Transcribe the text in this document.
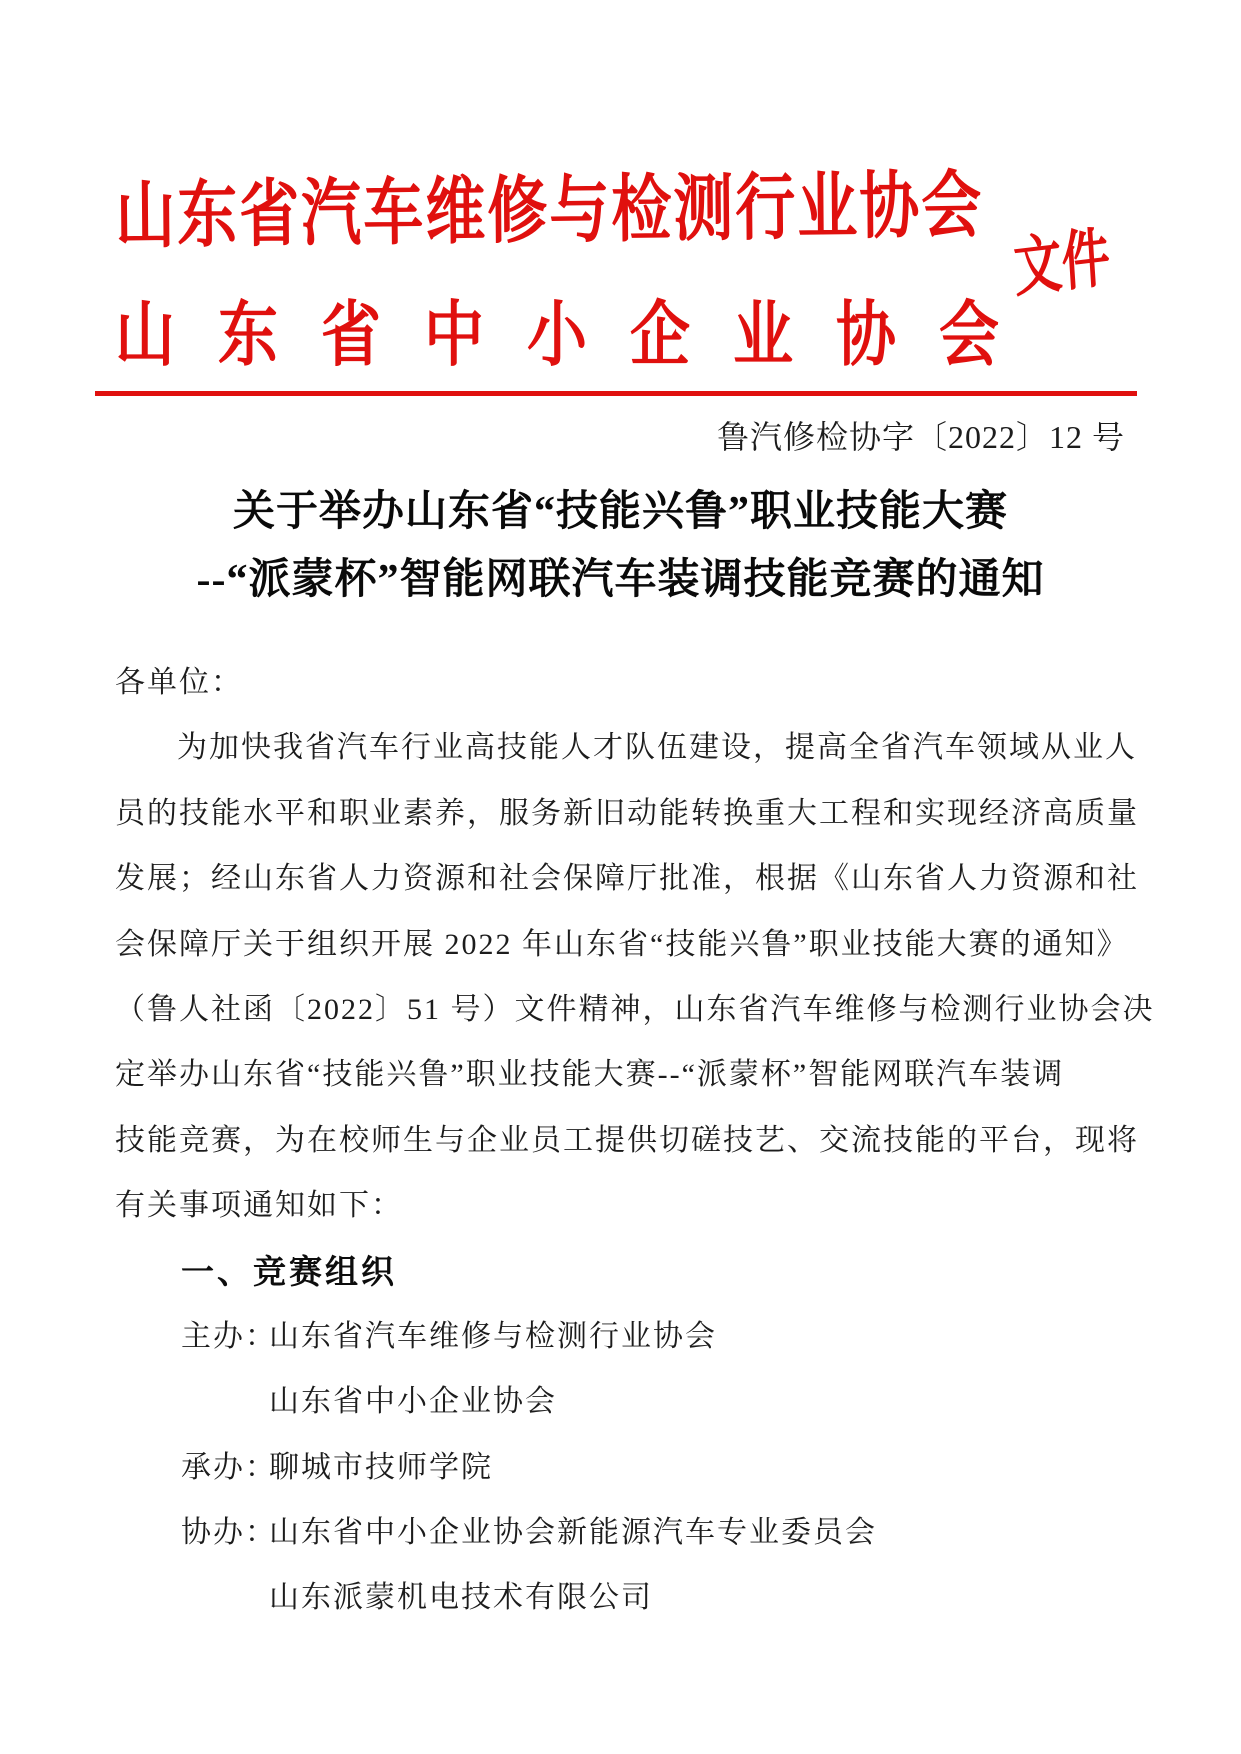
山东省汽车维修与检测行业协会
山东省中小企业协会
文件
鲁汽修检协字〔2022〕12 号
关于举办山东省“技能兴鲁”职业技能大赛
--“派蒙杯”智能网联汽车装调技能竞赛的通知
各单位：
为加快我省汽车行业高技能人才队伍建设，提高全省汽车领域从业人
员的技能水平和职业素养，服务新旧动能转换重大工程和实现经济高质量
发展；经山东省人力资源和社会保障厅批准，根据《山东省人力资源和社
会保障厅关于组织开展 2022 年山东省“技能兴鲁”职业技能大赛的通知》
（鲁人社函〔2022〕51 号）文件精神，山东省汽车维修与检测行业协会决
定举办山东省“技能兴鲁”职业技能大赛--“派蒙杯”智能网联汽车装调
技能竞赛，为在校师生与企业员工提供切磋技艺、交流技能的平台，现将
有关事项通知如下：
一、竞赛组织
主办：山东省汽车维修与检测行业协会
山东省中小企业协会
承办：聊城市技师学院
协办：山东省中小企业协会新能源汽车专业委员会
山东派蒙机电技术有限公司
